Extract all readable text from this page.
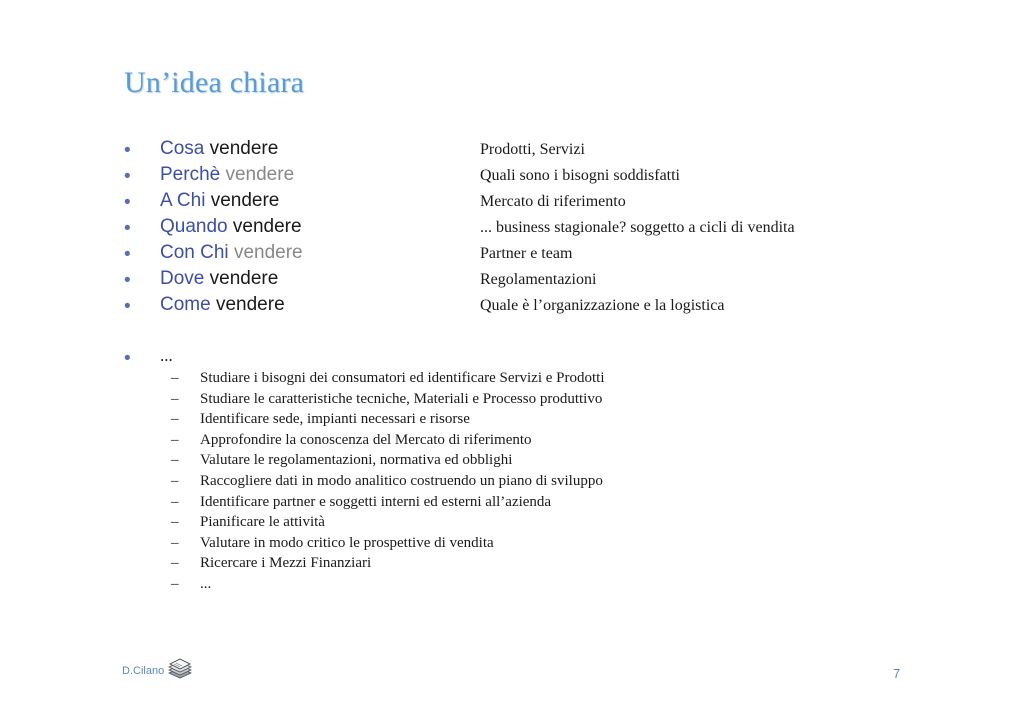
Un’idea chiara
• Cosa vendere	Prodotti, Servizi
• Perchè vendere	Quali sono i bisogni soddisfatti
• A Chi vendere	Mercato di riferimento
• Quando vendere	... business stagionale? soggetto a cicli di vendita
• Con Chi vendere	Partner e team
• Dove vendere	Regolamentazioni
• Come vendere	Quale è l’organizzazione e la logistica
• ...
– Studiare i bisogni dei consumatori ed identificare Servizi e Prodotti
– Studiare le caratteristiche tecniche, Materiali e Processo produttivo
– Identificare sede, impianti necessari e risorse
– Approfondire la conoscenza del Mercato di riferimento
– Valutare le regolamentazioni, normativa ed obblighi
– Raccogliere dati in modo analitico costruendo un piano di sviluppo
– Identificare partner e soggetti interni ed esterni all’azienda
– Pianificare le attività
– Valutare in modo critico le prospettive di vendita
– Ricercare i Mezzi Finanziari
– ...
D.Cilano	7
